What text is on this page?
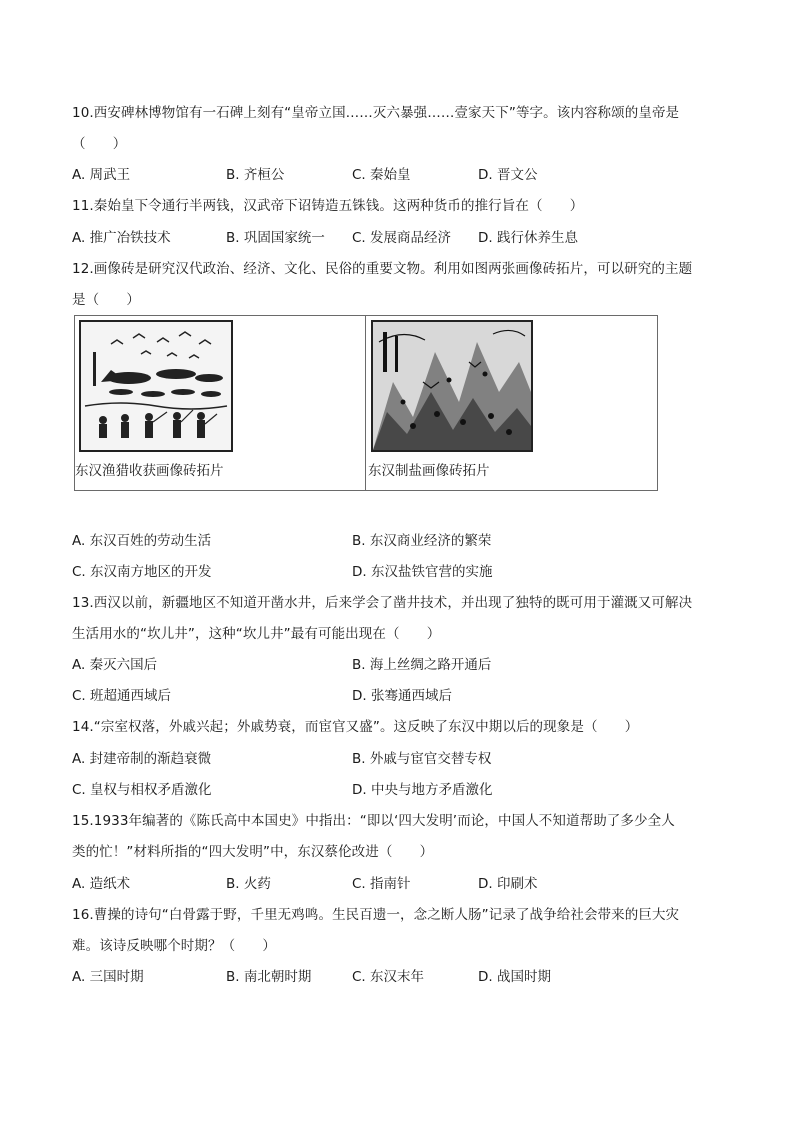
10.西安碑林博物馆有一石碑上刻有“皇帝立国……灭六暴强……壹家天下”等字。该内容称颂的皇帝是
（　　）
A. 周武王	B. 齐桓公	C. 秦始皇	D. 晋文公
11.秦始皇下令通行半两钱，汉武帝下诏铸造五铢钱。这两种货币的推行旨在（　　）
A. 推广冶铁技术	B. 巩固国家统一 C. 发展商品经济 D. 践行休养生息
12.画像砖是研究汉代政治、经济、文化、民俗的重要文物。利用如图两张画像砖拓片，可以研究的主题
是（　　）
东汉渔猎收获画像砖拓片	东汉制盐画像砖拓片
A. 东汉百姓的劳动生活	B. 东汉商业经济的繁荣
C. 东汉南方地区的开发	D. 东汉盐铁官营的实施
13.西汉以前，新疆地区不知道开凿水井，后来学会了凿井技术，并出现了独特的既可用于灌溉又可解决
生活用水的“坎儿井”，这种“坎儿井”最有可能出现在（　　）
A. 秦灭六国后	B. 海上丝绸之路开通后
C. 班超通西域后	D. 张骞通西域后
14.“宗室权落，外戚兴起；外戚势衰，而宦官又盛”。这反映了东汉中期以后的现象是（　　）
A. 封建帝制的渐趋衰微	B. 外戚与宦官交替专权
C. 皇权与相权矛盾激化	D. 中央与地方矛盾激化
15.1933年编著的《陈氏高中本国史》中指出：“即以‘四大发明’而论，中国人不知道帮助了多少全人
类的忙！”材料所指的“四大发明”中，东汉蔡伦改进（　　）
A. 造纸术	B. 火药	C. 指南针	D. 印刷术
16.曹操的诗句“白骨露于野，千里无鸡鸣。生民百遗一，念之断人肠”记录了战争给社会带来的巨大灾
难。该诗反映哪个时期？（　　）
A. 三国时期	B. 南北朝时期	C. 东汉末年	D. 战国时期
